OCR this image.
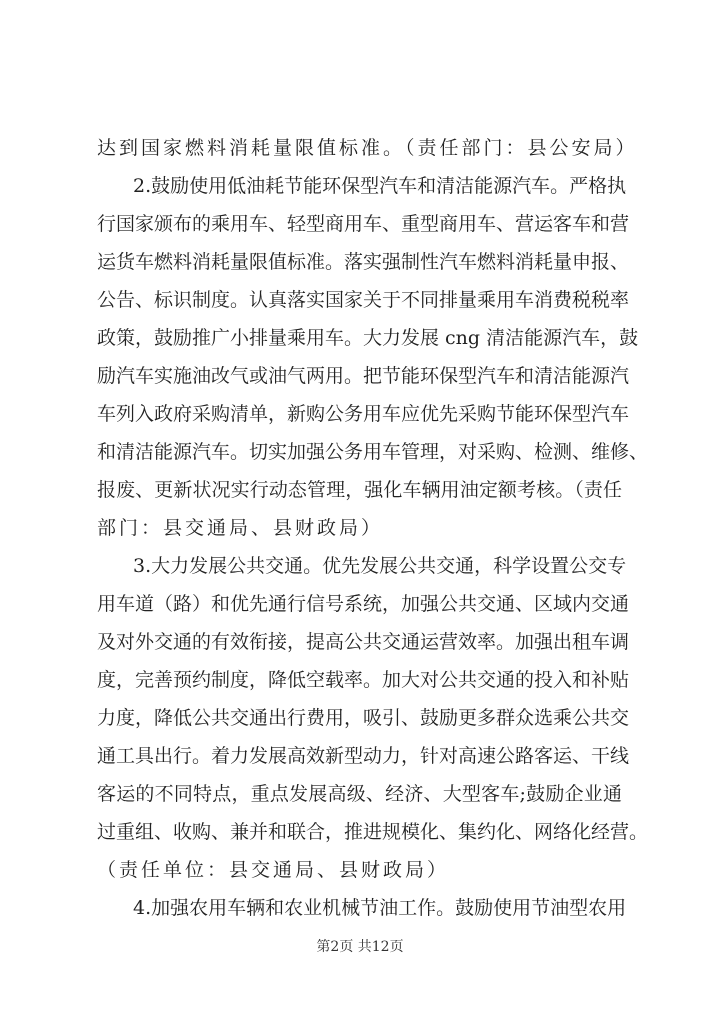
达到国家燃料消耗量限值标准。（责任部门：县公安局）
2.鼓励使用低油耗节能环保型汽车和清洁能源汽车。严格执
行国家颁布的乘用车、轻型商用车、重型商用车、营运客车和营
运货车燃料消耗量限值标准。落实强制性汽车燃料消耗量申报、
公告、标识制度。认真落实国家关于不同排量乘用车消费税税率
政策，鼓励推广小排量乘用车。大力发展 cng 清洁能源汽车，鼓
励汽车实施油改气或油气两用。把节能环保型汽车和清洁能源汽
车列入政府采购清单，新购公务用车应优先采购节能环保型汽车
和清洁能源汽车。切实加强公务用车管理，对采购、检测、维修、
报废、更新状况实行动态管理，强化车辆用油定额考核。（责任
部门：县交通局、县财政局）
3.大力发展公共交通。优先发展公共交通，科学设置公交专
用车道（路）和优先通行信号系统，加强公共交通、区域内交通
及对外交通的有效衔接，提高公共交通运营效率。加强出租车调
度，完善预约制度，降低空载率。加大对公共交通的投入和补贴
力度，降低公共交通出行费用，吸引、鼓励更多群众选乘公共交
通工具出行。着力发展高效新型动力，针对高速公路客运、干线
客运的不同特点，重点发展高级、经济、大型客车;鼓励企业通
过重组、收购、兼并和联合，推进规模化、集约化、网络化经营。
（责任单位：县交通局、县财政局）
4.加强农用车辆和农业机械节油工作。鼓励使用节油型农用
第2页 共12页
